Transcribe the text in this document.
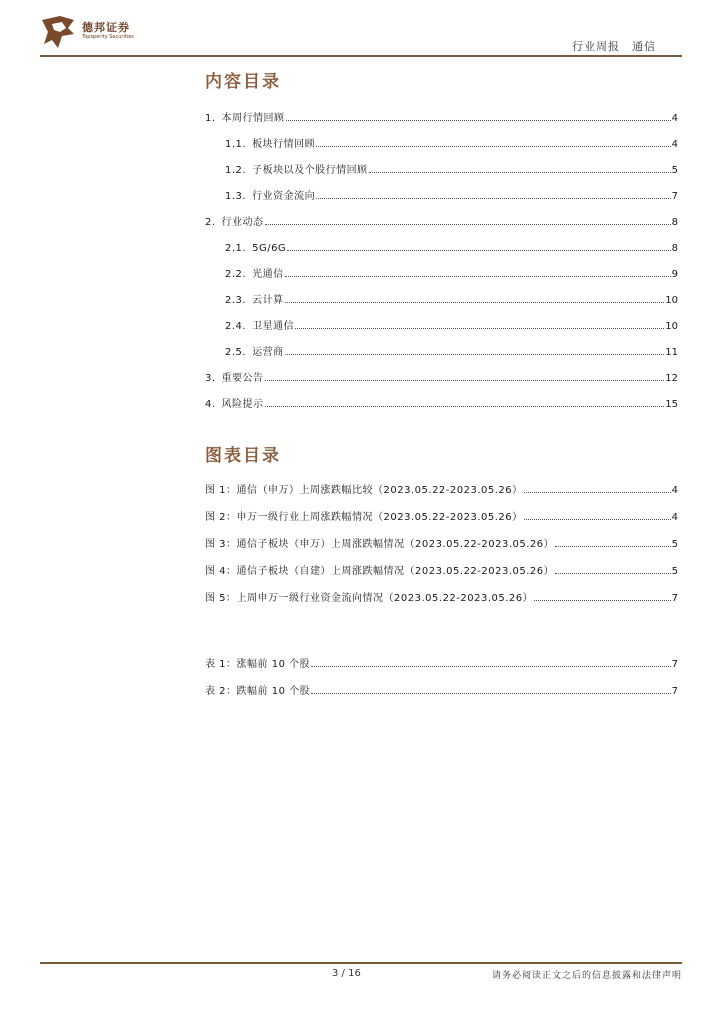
德邦证券
Topsperity Securities
行业周报　通信
内容目录
1. 本周行情回顾	4
1.1. 板块行情回顾	4
1.2. 子板块以及个股行情回顾	5
1.3. 行业资金流向	7
2. 行业动态	8
2.1. 5G/6G	8
2.2. 光通信	9
2.3. 云计算	10
2.4. 卫星通信	10
2.5. 运营商	11
3. 重要公告	12
4. 风险提示	15
图表目录
图 1：通信（申万）上周涨跌幅比较（2023.05.22-2023.05.26）	4
图 2：申万一级行业上周涨跌幅情况（2023.05.22-2023.05.26）	4
图 3：通信子板块（申万）上周涨跌幅情况（2023.05.22-2023.05.26）	5
图 4：通信子板块（自建）上周涨跌幅情况（2023.05.22-2023.05.26）	5
图 5：上周申万一级行业资金流向情况（2023.05.22-2023.05.26）	7
表 1：涨幅前 10 个股	7
表 2：跌幅前 10 个股	7
3 / 16	请务必阅读正文之后的信息披露和法律声明
